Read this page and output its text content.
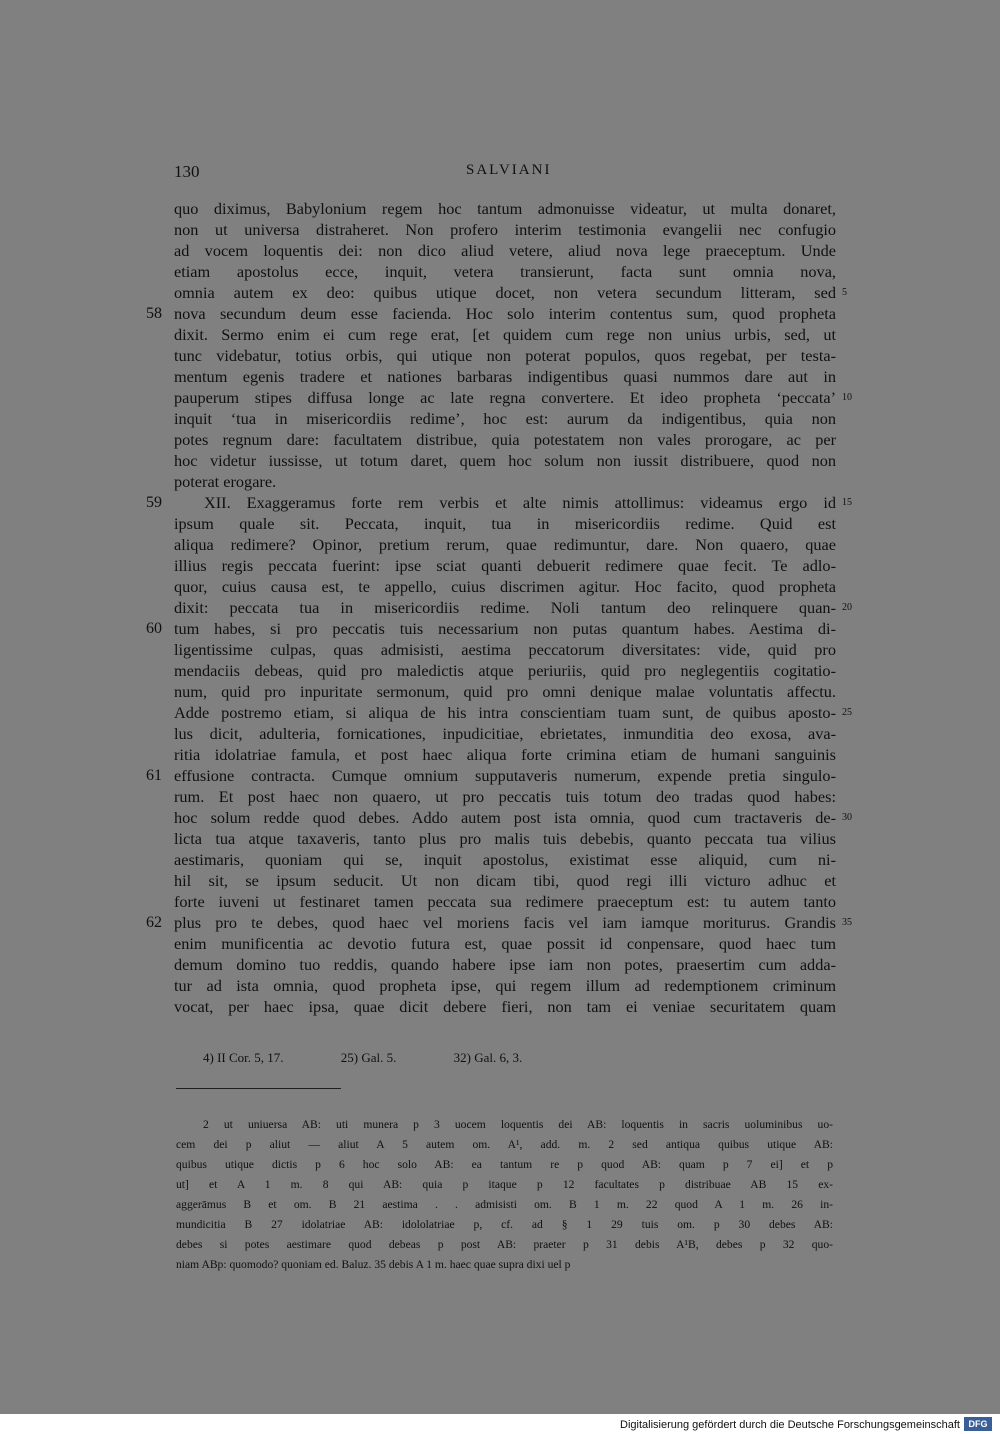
130	SALVIANI
quo diximus, Babylonium regem hoc tantum admonuisse videatur, ut multa donaret,
non ut universa distraheret. Non profero interim testimonia evangelii nec confugio
ad vocem loquentis dei: non dico aliud vetere, aliud nova lege praeceptum. Unde
etiam apostolus ecce, inquit, vetera transierunt, facta sunt omnia nova,
omnia autem ex deo: quibus utique docet, non vetera secundum litteram, sed
nova secundum deum esse facienda. Hoc solo interim contentus sum, quod propheta
dixit. Sermo enim ei cum rege erat, [et quidem cum rege non unius urbis, sed, ut
tunc videbatur, totius orbis, qui utique non poterat populos, quos regebat, per testa-
mentum egenis tradere et nationes barbaras indigentibus quasi nummos dare aut in
pauperum stipes diffusa longe ac late regna convertere. Et ideo propheta ‘peccata’
inquit ‘tua in misericordiis redime’, hoc est: aurum da indigentibus, quia non
potes regnum dare: facultatem distribue, quia potestatem non vales prorogare, ac per
hoc videtur iussisse, ut totum daret, quem hoc solum non iussit distribuere, quod non
poterat erogare.
XII. Exaggeramus forte rem verbis et alte nimis attollimus: videamus ergo id
ipsum quale sit. Peccata, inquit, tua in misericordiis redime. Quid est
aliqua redimere? Opinor, pretium rerum, quae redimuntur, dare. Non quaero, quae
illius regis peccata fuerint: ipse sciat quanti debuerit redimere quae fecit. Te adlo-
quor, cuius causa est, te appello, cuius discrimen agitur. Hoc facito, quod propheta
dixit: peccata tua in misericordiis redime. Noli tantum deo relinquere quan-
tum habes, si pro peccatis tuis necessarium non putas quantum habes. Aestima di-
ligentissime culpas, quas admisisti, aestima peccatorum diversitates: vide, quid pro
mendaciis debeas, quid pro maledictis atque periuriis, quid pro neglegentiis cogitatio-
num, quid pro inpuritate sermonum, quid pro omni denique malae voluntatis affectu.
Adde postremo etiam, si aliqua de his intra conscientiam tuam sunt, de quibus aposto-
lus dicit, adulteria, fornicationes, inpudicitiae, ebrietates, inmunditia deo exosa, ava-
ritia idolatriae famula, et post haec aliqua forte crimina etiam de humani sanguinis
effusione contracta. Cumque omnium supputaveris numerum, expende pretia singulo-
rum. Et post haec non quaero, ut pro peccatis tuis totum deo tradas quod habes:
hoc solum redde quod debes. Addo autem post ista omnia, quod cum tractaveris de-
licta tua atque taxaveris, tanto plus pro malis tuis debebis, quanto peccata tua vilius
aestimaris, quoniam qui se, inquit apostolus, existimat esse aliquid, cum ni-
hil sit, se ipsum seducit. Ut non dicam tibi, quod regi illi victuro adhuc et
forte iuveni ut festinaret tamen peccata sua redimere praeceptum est: tu autem tanto
plus pro te debes, quod haec vel moriens facis vel iam iamque moriturus. Grandis
enim munificentia ac devotio futura est, quae possit id conpensare, quod haec tum
demum domino tuo reddis, quando habere ipse iam non potes, praesertim cum adda-
tur ad ista omnia, quod propheta ipse, qui regem illum ad redemptionem criminum
vocat, per haec ipsa, quae dicit debere fieri, non tam ei veniae securitatem quam
58
59
60
61
62
5
10
15
20
25
30
35
4) II Cor. 5, 17.	25) Gal. 5.	32) Gal. 6, 3.
2 ut uniuersa AB: uti munera p 3 uocem loquentis dei AB: loquentis in sacris uoluminibus uo-
cem dei p aliut — aliut A 5 autem om. A¹, add. m. 2 sed antiqua quibus utique AB:
quibus utique dictis p 6 hoc solo AB: ea tantum re p quod AB: quam p 7 ei] et p
ut] et A 1 m. 8 qui AB: quia p itaque p 12 facultates p distribuae AB 15 ex-
aggerāmus B et om. B 21 aestima . . admisisti om. B 1 m. 22 quod A 1 m. 26 in-
mundicitia B 27 idolatriae AB: idololatriae p, cf. ad § 1 29 tuis om. p 30 debes AB:
debes si potes aestimare quod debeas p post AB: praeter p 31 debis A¹B, debes p 32 quo-
niam ABp: quomodo? quoniam ed. Baluz. 35 debis A 1 m. haec quae supra dixi uel p
Digitalisierung gefördert durch die Deutsche Forschungsgemeinschaft DFG
